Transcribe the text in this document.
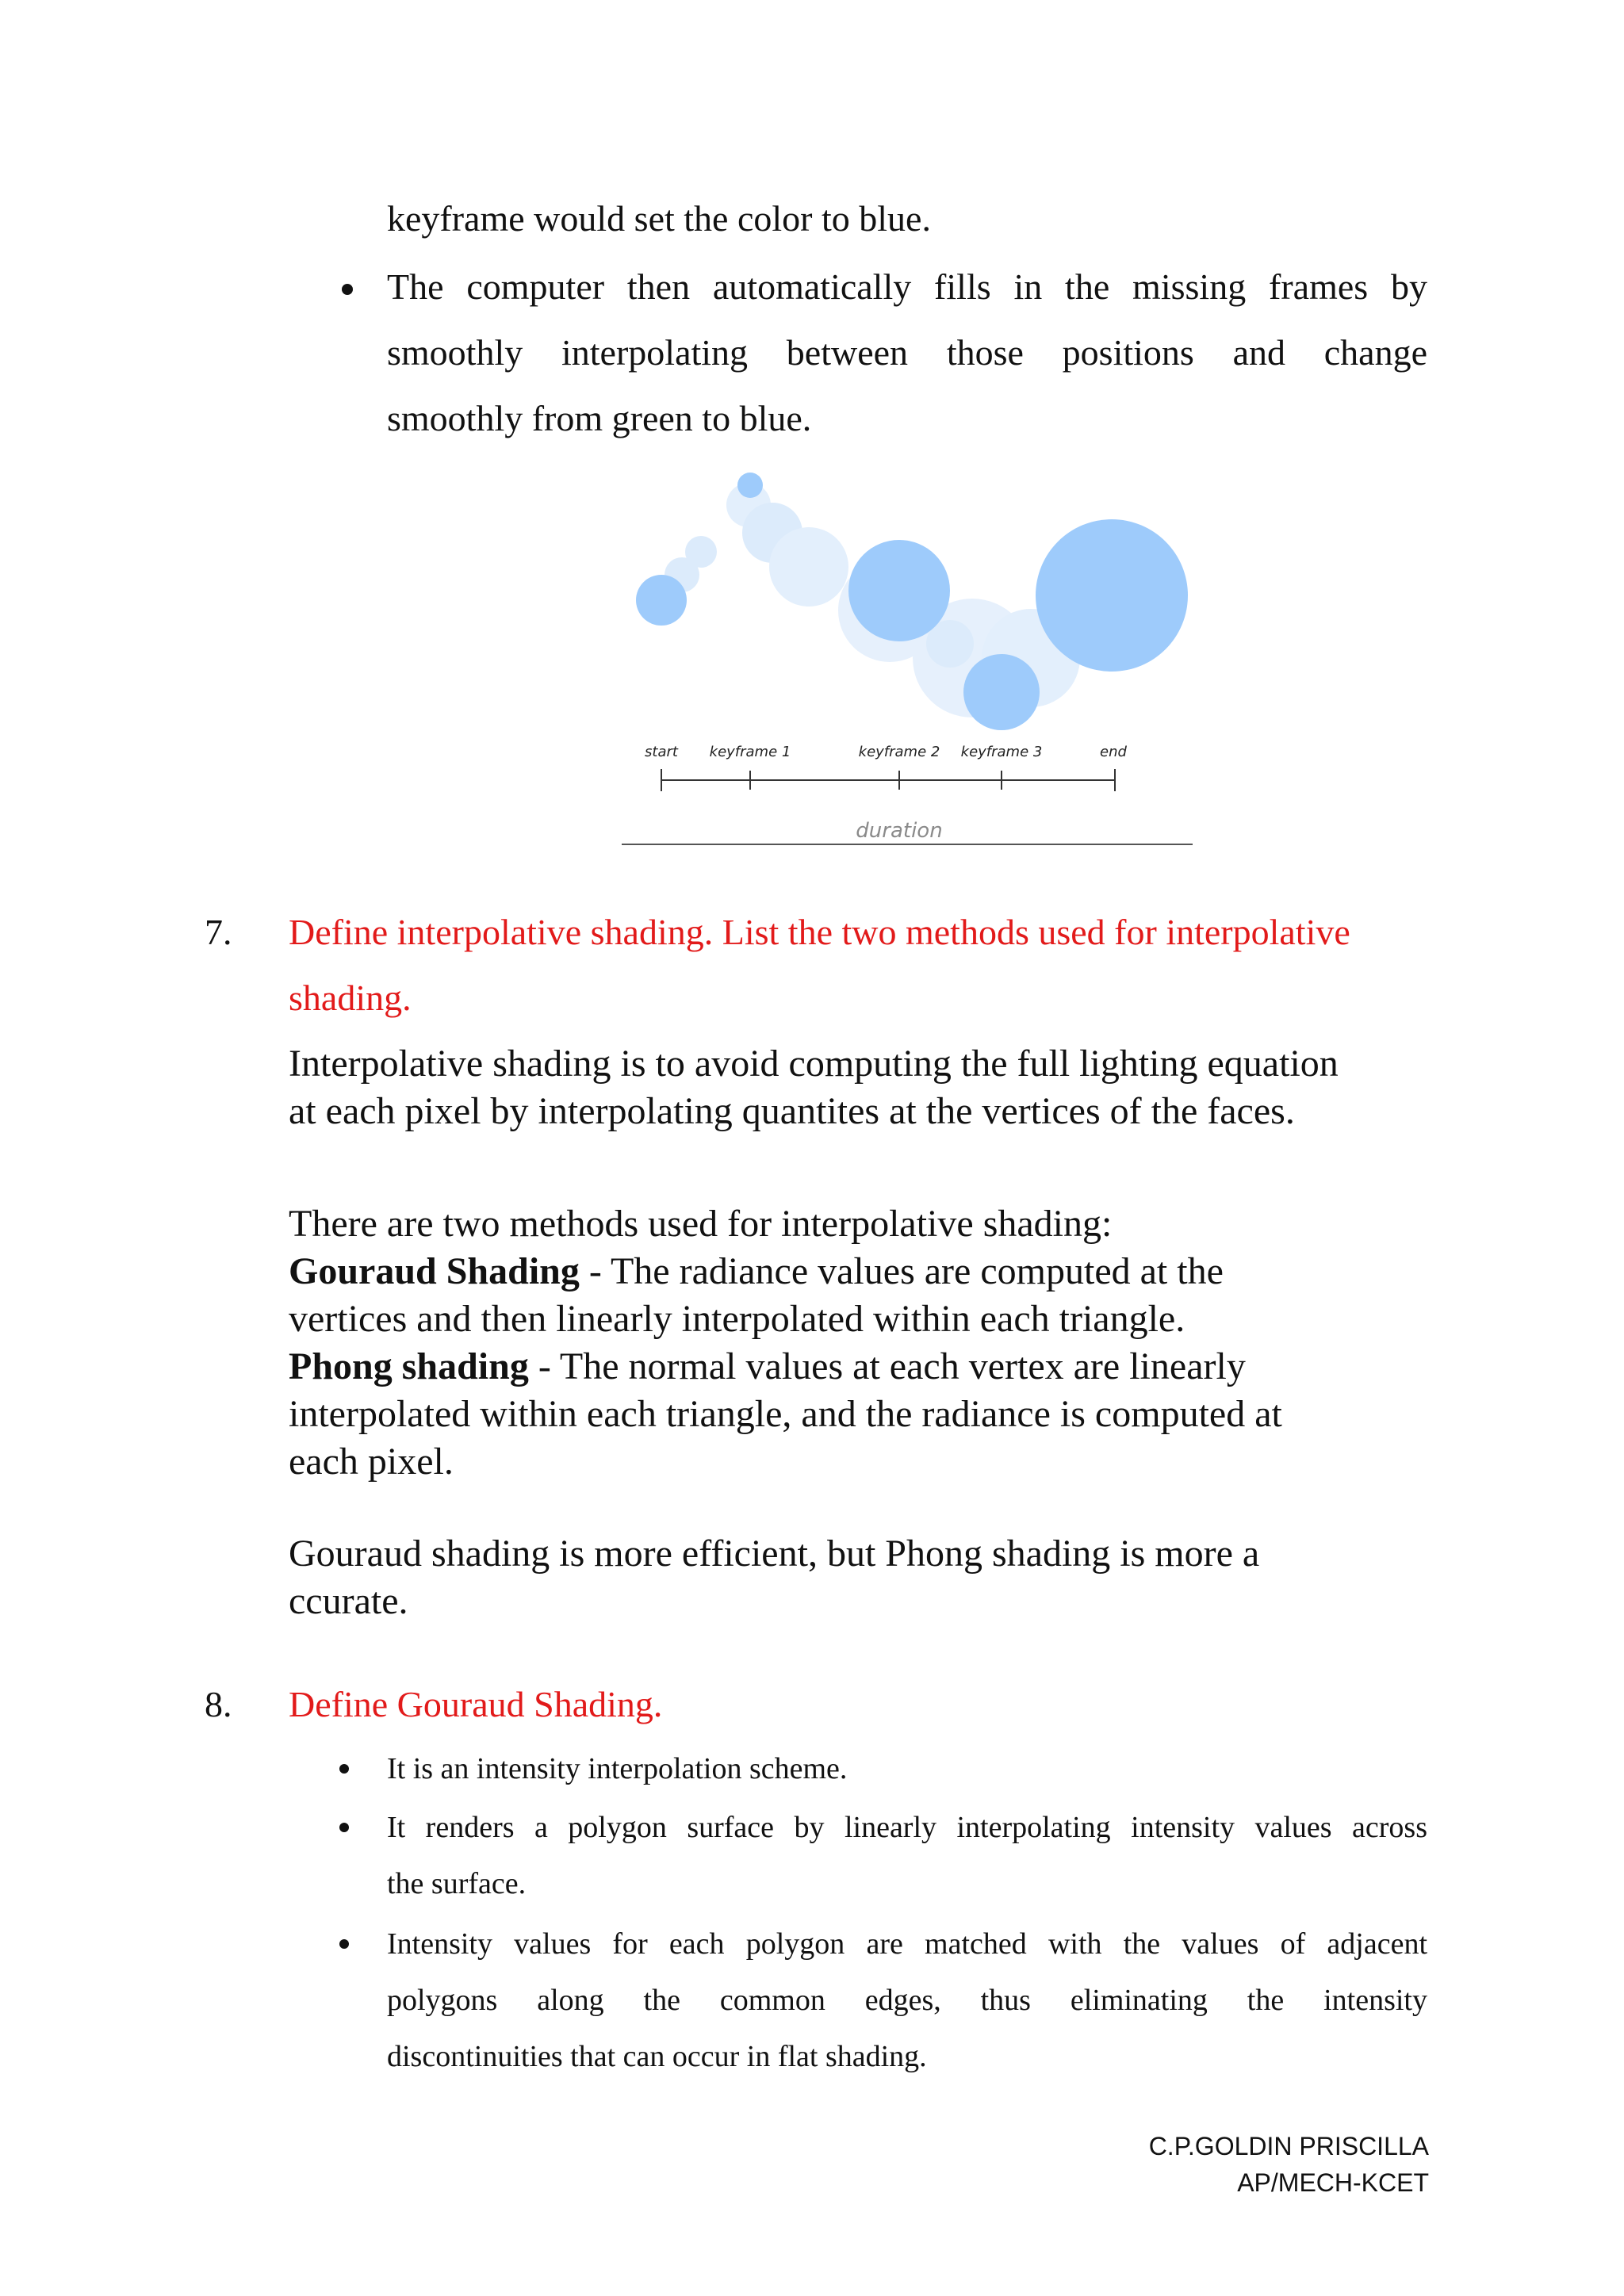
keyframe would set the color to blue.

The computer then automatically fills in the missing frames by

smoothly interpolating between those positions and change

smoothly from green to blue.

start keyframe 1	keyframe 2 keyframe 3	end
duration

7. Define interpolative shading. List the two methods used for interpolative

shading.

Interpolative shading is to avoid computing the full lighting equation

at each pixel by interpolating quantites at the vertices of the faces.

There are two methods used for interpolative shading:

Gouraud Shading - The radiance values are computed at the

vertices and then linearly interpolated within each triangle.

Phong shading - The normal values at each vertex are linearly

interpolated within each triangle, and the radiance is computed at

each pixel.

Gouraud shading is more efficient, but Phong shading is more a

ccurate.

8. Define Gouraud Shading.

It is an intensity interpolation scheme.

It renders a polygon surface by linearly interpolating intensity values across

the surface.

Intensity values for each polygon are matched with the values of adjacent

polygons along the common edges, thus eliminating the intensity

discontinuities that can occur in flat shading.

C.P.GOLDIN PRISCILLA
AP/MECH-KCET
